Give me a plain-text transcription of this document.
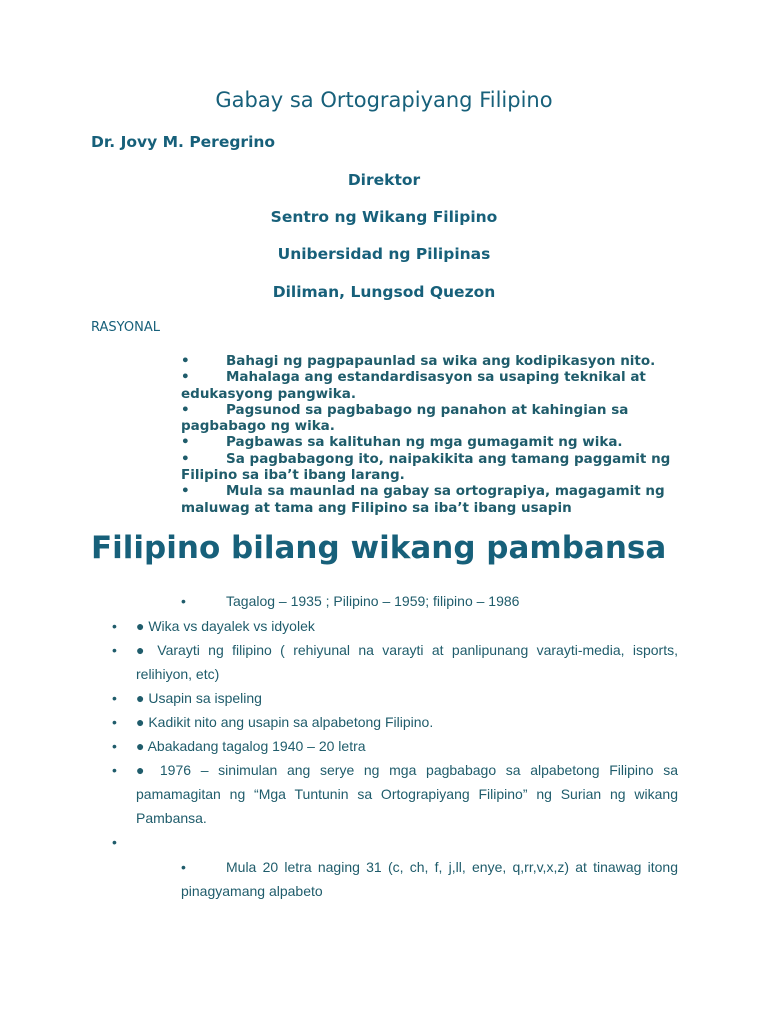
Gabay sa Ortograpiyang Filipino
Dr. Jovy M. Peregrino
Direktor
Sentro ng Wikang Filipino
Unibersidad ng Pilipinas
Diliman, Lungsod Quezon
RASYONAL
•	Bahagi ng pagpapaunlad sa wika ang kodipikasyon nito.
•	Mahalaga ang estandardisasyon sa usaping teknikal at edukasyong pangwika.
•	Pagsunod sa pagbabago ng panahon at kahingian sa pagbabago ng wika.
•	Pagbawas sa kalituhan ng mga gumagamit ng wika.
•	Sa pagbabagong ito, naipakikita ang tamang paggamit ng Filipino sa iba’t ibang larang.
•	Mula sa maunlad na gabay sa ortograpiya, magagamit ng maluwag at tama ang Filipino sa iba’t ibang usapin
Filipino bilang wikang pambansa
•	Tagalog – 1935 ; Pilipino – 1959; filipino – 1986
•	● Wika vs dayalek vs idyolek
•	● Varayti ng filipino ( rehiyunal na varayti at panlipunang varayti-media, isports, relihiyon, etc)
•	● Usapin sa ispeling
•	● Kadikit nito ang usapin sa alpabetong Filipino.
•	● Abakadang tagalog 1940 – 20 letra
•	● 1976 – sinimulan ang serye ng mga pagbabago sa alpabetong Filipino sa pamamagitan ng “Mga Tuntunin sa Ortograpiyang Filipino” ng Surian ng wikang Pambansa.
•
•	Mula 20 letra naging 31 (c, ch, f, j,ll, enye, q,rr,v,x,z) at tinawag itong pinagyamang alpabeto
